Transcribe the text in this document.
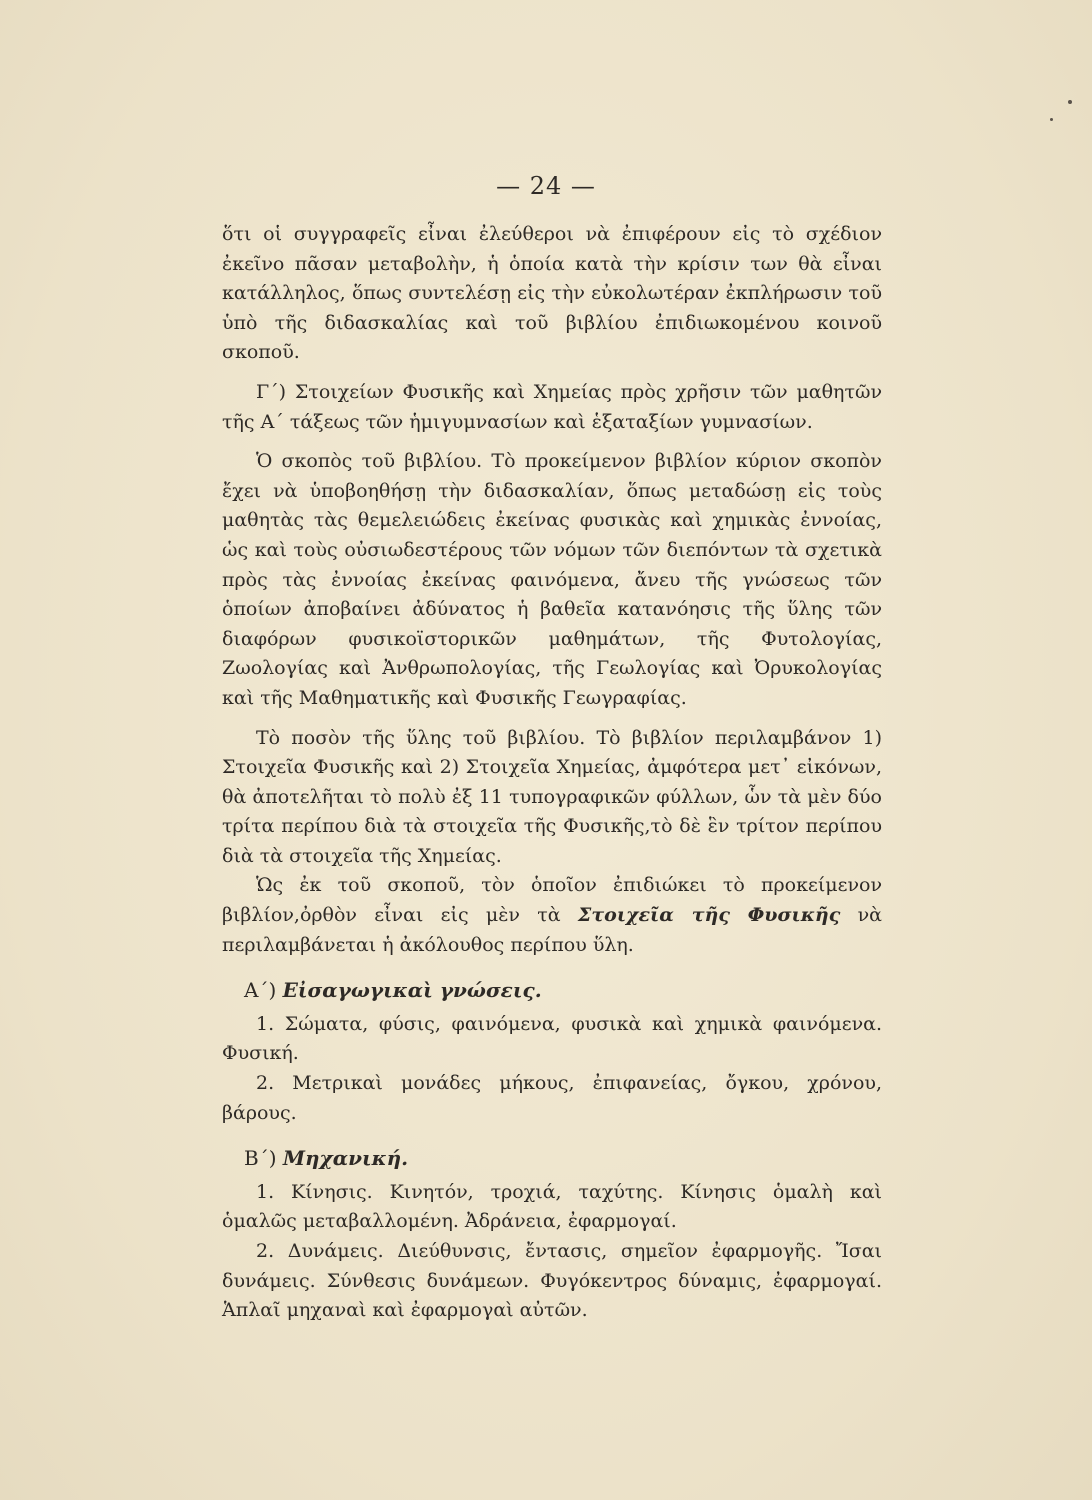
— 24 —

ὅτι οἱ συγγραφεῖς εἶναι ἐλεύθεροι νὰ ἐπιφέρουν εἰς τὸ σχέδιον ἐκεῖνο πᾶσαν μεταβολὴν, ἡ ὁποία κατὰ τὴν κρίσιν των θὰ εἶναι κατάλληλος, ὅπως συντελέσῃ εἰς τὴν εὐκολωτέραν ἐκπλήρωσιν τοῦ ὑπὸ τῆς διδασκαλίας καὶ τοῦ βιβλίου ἐπιδιωκομένου κοινοῦ σκοποῦ.

Γ΄) Στοιχείων Φυσικῆς καὶ Χημείας πρὸς χρῆσιν τῶν μαθητῶν τῆς Α΄ τάξεως τῶν ἡμιγυμνασίων καὶ ἑξαταξίων γυμνασίων.

Ὁ σκοπὸς τοῦ βιβλίου. Τὸ προκείμενον βιβλίον κύριον σκοπὸν ἔχει νὰ ὑποβοηθήσῃ τὴν διδασκαλίαν, ὅπως μεταδώσῃ εἰς τοὺς μαθητὰς τὰς θεμελειώδεις ἐκείνας φυσικὰς καὶ χημικὰς ἐννοίας, ὡς καὶ τοὺς οὐσιωδεστέρους τῶν νόμων τῶν διεπόντων τὰ σχετικὰ πρὸς τὰς ἐννοίας ἐκείνας φαινόμενα, ἄνευ τῆς γνώσεως τῶν ὁποίων ἀποβαίνει ἀδύνατος ἡ βαθεῖα κατανόησις τῆς ὕλης τῶν διαφόρων φυσικοϊστορικῶν μαθημάτων, τῆς Φυτολογίας, Ζωολογίας καὶ Ἀνθρωπολογίας, τῆς Γεωλογίας καὶ Ὀρυκολογίας καὶ τῆς Μαθηματικῆς καὶ Φυσικῆς Γεωγραφίας.

Τὸ ποσὸν τῆς ὕλης τοῦ βιβλίου. Τὸ βιβλίον περιλαμβάνον 1) Στοιχεῖα Φυσικῆς καὶ 2) Στοιχεῖα Χημείας, ἀμφότερα μετ᾽ εἰκόνων, θὰ ἀποτελῆται τὸ πολὺ ἐξ 11 τυπογραφικῶν φύλλων, ὧν τὰ μὲν δύο τρίτα περίπου διὰ τὰ στοιχεῖα τῆς Φυσικῆς,τὸ δὲ ἓν τρίτον περίπου διὰ τὰ στοιχεῖα τῆς Χημείας.

Ὡς ἐκ τοῦ σκοποῦ, τὸν ὁποῖον ἐπιδιώκει τὸ προκείμενον βιβλίον,ὀρθὸν εἶναι εἰς μὲν τὰ Στοιχεῖα τῆς Φυσικῆς νὰ περιλαμβάνεται ἡ ἀκόλουθος περίπου ὕλη.

Α΄) Εἰσαγωγικαὶ γνώσεις.

1. Σώματα, φύσις, φαινόμενα, φυσικὰ καὶ χημικὰ φαινόμενα. Φυσική.

2. Μετρικαὶ μονάδες μήκους, ἐπιφανείας, ὄγκου, χρόνου, βάρους.

Β΄) Μηχανική.

1. Κίνησις. Κινητόν, τροχιά, ταχύτης. Κίνησις ὁμαλὴ καὶ ὁμαλῶς μεταβαλλομένη. Ἀδράνεια, ἐφαρμογαί.

2. Δυνάμεις. Διεύθυνσις, ἔντασις, σημεῖον ἐφαρμογῆς. Ἴσαι δυνάμεις. Σύνθεσις δυνάμεων. Φυγόκεντρος δύναμις, ἐφαρμογαί. Ἁπλαῖ μηχαναὶ καὶ ἐφαρμογαὶ αὐτῶν.
